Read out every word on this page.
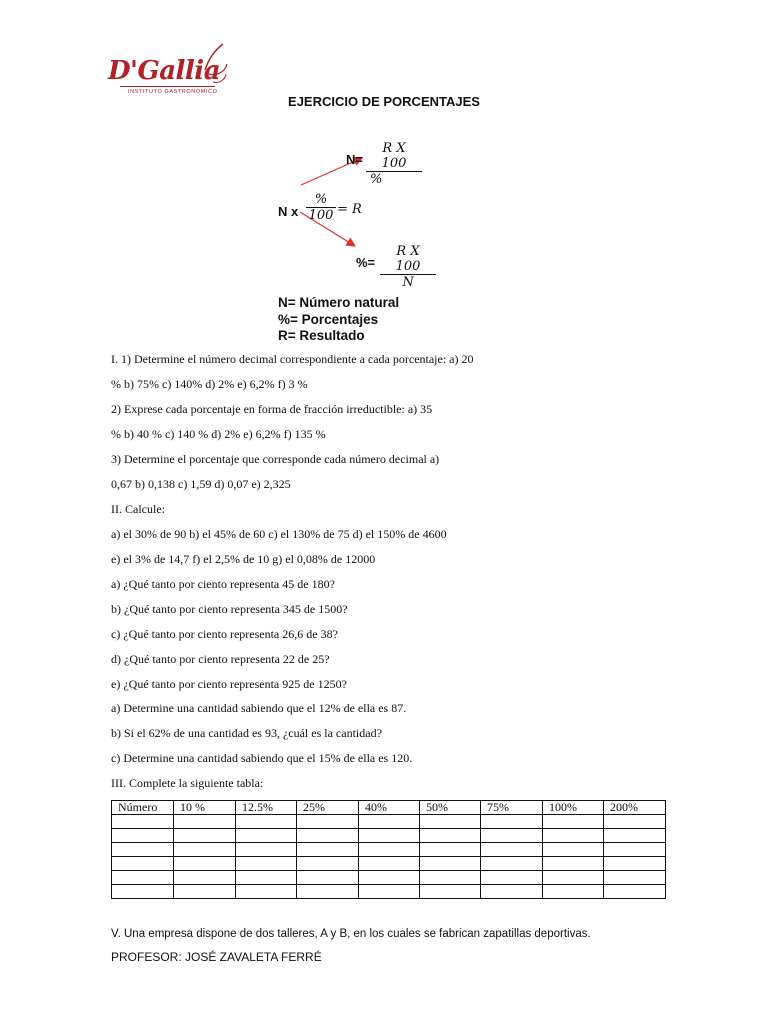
D'Gallia
INSTITUTO GASTRONÓMICO
EJERCICIO DE PORCENTAJES
N=
R X 100
%
N x
%
100 = R
%=
R X 100
N
N= Número natural
%= Porcentajes
R= Resultado
I. 1) Determine el número decimal correspondiente a cada porcentaje: a) 20
% b) 75% c) 140% d) 2% e) 6,2% f) 3 %
2) Exprese cada porcentaje en forma de fracción irreductible: a) 35
% b) 40 % c) 140 % d) 2% e) 6,2% f) 135 %
3) Determine el porcentaje que corresponde cada número decimal a)
0,67 b) 0,138 c) 1,59 d) 0,07 e) 2,325
II. Calcule:
a) el 30% de 90 b) el 45% de 60 c) el 130% de 75 d) el 150% de 4600
e) el 3% de 14,7 f) el 2,5% de 10 g) el 0,08% de 12000
a) ¿Qué tanto por ciento representa 45 de 180?
b) ¿Qué tanto por ciento representa 345 de 1500?
c) ¿Qué tanto por ciento representa 26,6 de 38?
d) ¿Qué tanto por ciento representa 22 de 25?
e) ¿Qué tanto por ciento representa 925 de 1250?
a) Determine una cantidad sabiendo que el 12% de ella es 87.
b) Si el 62% de una cantidad es 93, ¿cuál es la cantidad?
c) Determine una cantidad sabiendo que el 15% de ella es 120.
III. Complete la siguiente tabla:
Número	10 %	12.5%	25%	40%	50%	75%	100%	200%

V. Una empresa dispone de dos talleres, A y B, en los cuales se fabrican zapatillas deportivas.
PROFESOR: JOSÉ ZAVALETA FERRÉ
